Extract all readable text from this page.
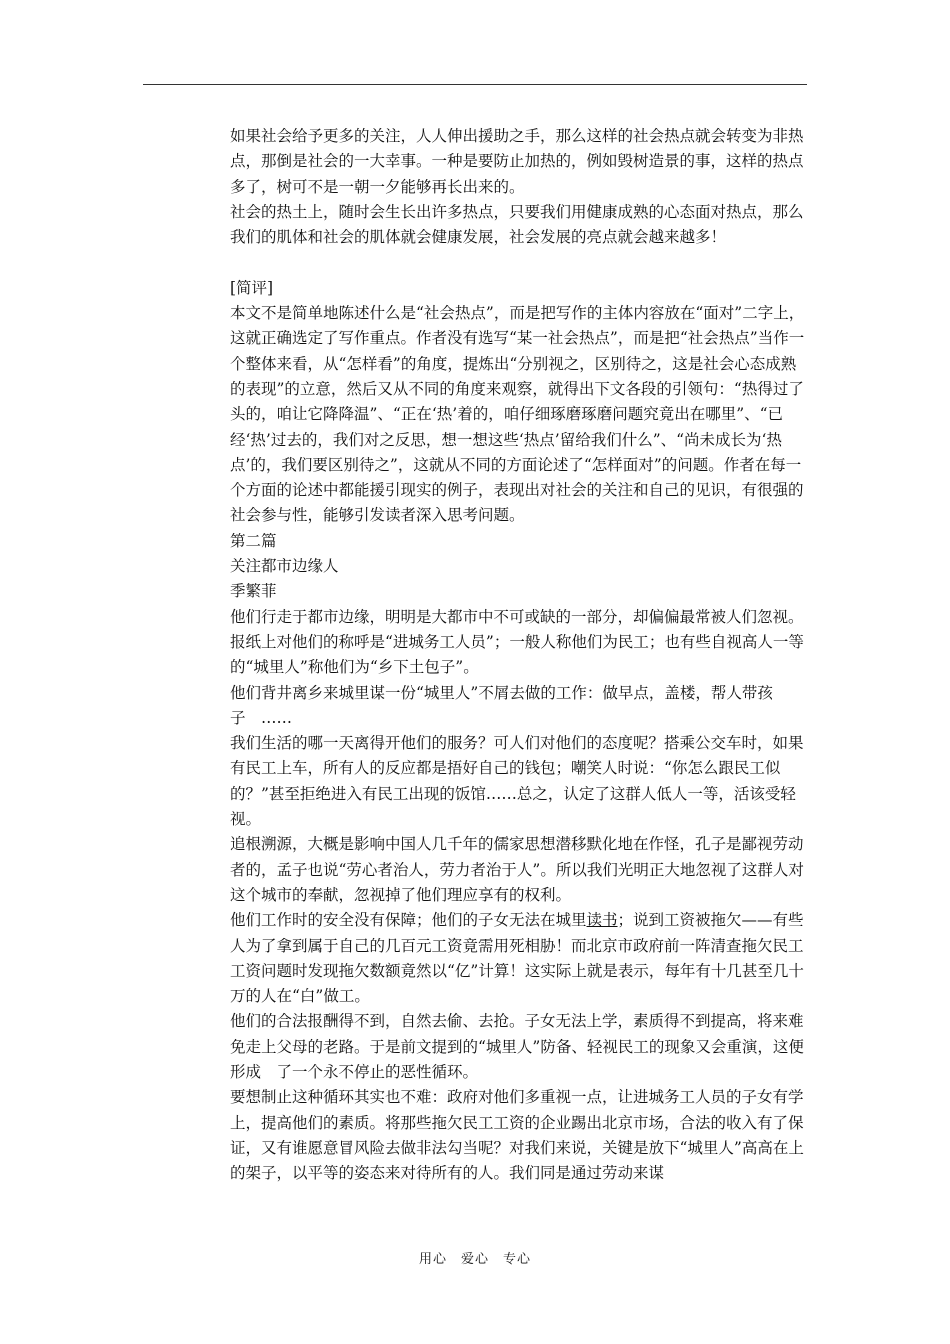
如果社会给予更多的关注，人人伸出援助之手，那么这样的社会热点就会转变为非热点，那倒是社会的一大幸事。一种是要防止加热的，例如毁树造景的事，这样的热点多了，树可不是一朝一夕能够再长出来的。

社会的热土上，随时会生长出许多热点，只要我们用健康成熟的心态面对热点，那么我们的肌体和社会的肌体就会健康发展，社会发展的亮点就会越来越多！

[简评]

本文不是简单地陈述什么是“社会热点”，而是把写作的主体内容放在“面对”二字上，这就正确选定了写作重点。作者没有选写“某一社会热点”，而是把“社会热点”当作一个整体来看，从“怎样看”的角度，提炼出“分别视之，区别待之，这是社会心态成熟的表现”的立意，然后又从不同的角度来观察，就得出下文各段的引领句：“热得过了头的，咱让它降降温”、“正在‘热’着的，咱仔细琢磨琢磨问题究竟出在哪里”、“已经‘热’过去的，我们对之反思，想一想这些‘热点’留给我们什么”、“尚未成长为‘热点’的，我们要区别待之”，这就从不同的方面论述了“怎样面对”的问题。作者在每一个方面的论述中都能援引现实的例子，表现出对社会的关注和自己的见识，有很强的社会参与性，能够引发读者深入思考问题。

第二篇

关注都市边缘人

季繁菲

他们行走于都市边缘，明明是大都市中不可或缺的一部分，却偏偏最常被人们忽视。

报纸上对他们的称呼是“进城务工人员”；一般人称他们为民工；也有些自视高人一等的“城里人”称他们为“乡下土包子”。

他们背井离乡来城里谋一份“城里人”不屑去做的工作：做早点，盖楼，帮人带孩子　……

我们生活的哪一天离得开他们的服务？可人们对他们的态度呢？搭乘公交车时，如果有民工上车，所有人的反应都是捂好自己的钱包；嘲笑人时说：“你怎么跟民工似的？”甚至拒绝进入有民工出现的饭馆……总之，认定了这群人低人一等，活该受轻视。

追根溯源，大概是影响中国人几千年的儒家思想潜移默化地在作怪，孔子是鄙视劳动者的，孟子也说“劳心者治人，劳力者治于人”。所以我们光明正大地忽视了这群人对这个城市的奉献，忽视掉了他们理应享有的权利。

他们工作时的安全没有保障；他们的子女无法在城里读书；说到工资被拖欠——有些人为了拿到属于自己的几百元工资竟需用死相胁！而北京市政府前一阵清查拖欠民工工资问题时发现拖欠数额竟然以“亿”计算！这实际上就是表示，每年有十几甚至几十万的人在“白”做工。

他们的合法报酬得不到，自然去偷、去抢。子女无法上学，素质得不到提高，将来难免走上父母的老路。于是前文提到的“城里人”防备、轻视民工的现象又会重演，这便形成　了一个永不停止的恶性循环。

要想制止这种循环其实也不难：政府对他们多重视一点，让进城务工人员的子女有学上，提高他们的素质。将那些拖欠民工工资的企业踢出北京市场，合法的收入有了保证，又有谁愿意冒风险去做非法勾当呢？对我们来说，关键是放下“城里人”高高在上的架子，以平等的姿态来对待所有的人。我们同是通过劳动来谋

用心　爱心　专心
